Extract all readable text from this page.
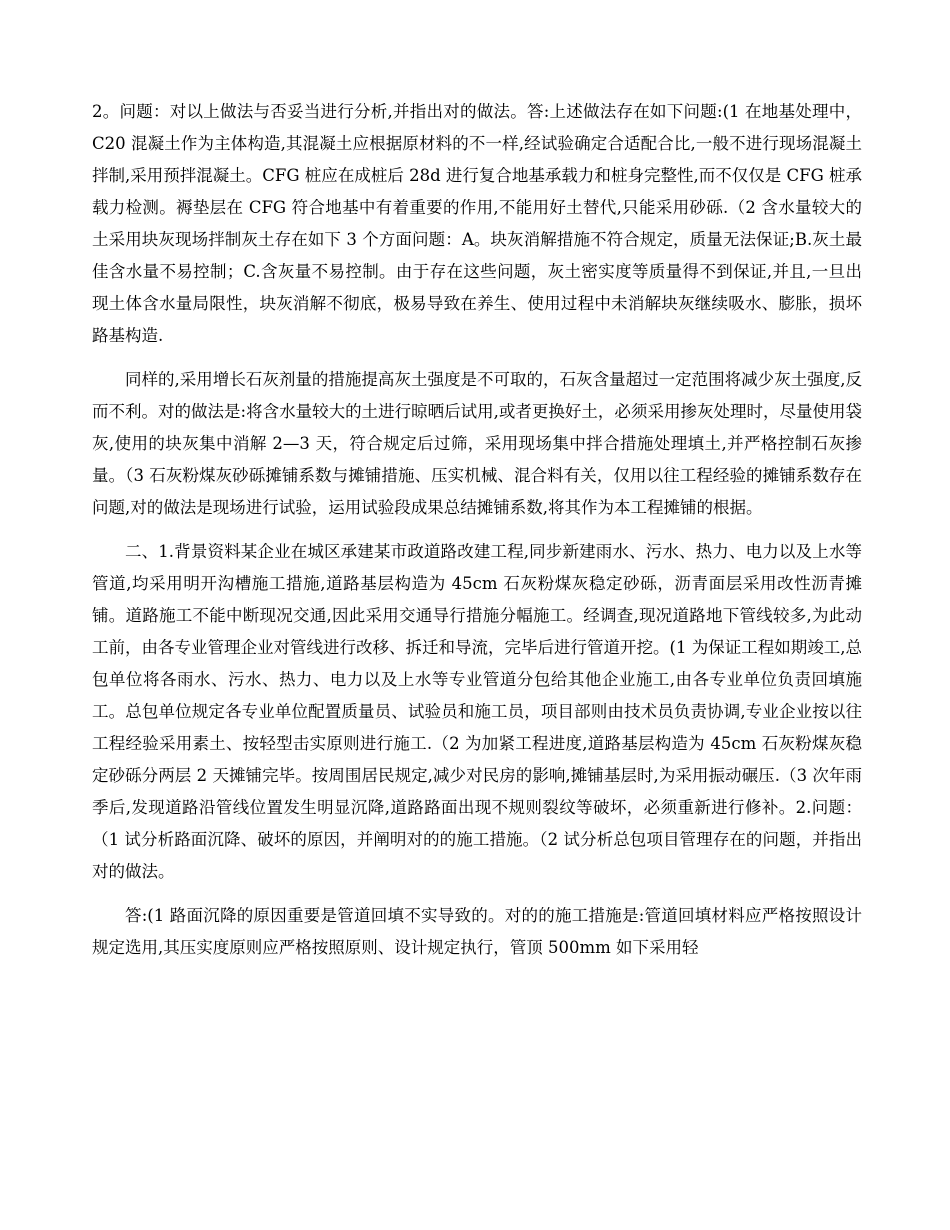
2。问题：对以上做法与否妥当进行分析,并指出对的做法。答:上述做法存在如下问题:(1 在地基处理中，C20 混凝土作为主体构造,其混凝土应根据原材料的不一样,经试验确定合适配合比,一般不进行现场混凝土拌制,采用预拌混凝土。CFG 桩应在成桩后 28d 进行复合地基承载力和桩身完整性,而不仅仅是 CFG 桩承载力检测。褥垫层在 CFG 符合地基中有着重要的作用,不能用好土替代,只能采用砂砾.（2 含水量较大的土采用块灰现场拌制灰土存在如下 3 个方面问题：A。块灰消解措施不符合规定，质量无法保证;B.灰土最佳含水量不易控制；C.含灰量不易控制。由于存在这些问题，灰土密实度等质量得不到保证,并且,一旦出现土体含水量局限性，块灰消解不彻底，极易导致在养生、使用过程中未消解块灰继续吸水、膨胀，损坏路基构造.

同样的,采用增长石灰剂量的措施提高灰土强度是不可取的，石灰含量超过一定范围将减少灰土强度,反而不利。对的做法是:将含水量较大的土进行晾晒后试用,或者更换好土，必须采用掺灰处理时，尽量使用袋灰,使用的块灰集中消解 2—3 天，符合规定后过筛，采用现场集中拌合措施处理填土,并严格控制石灰掺量。（3 石灰粉煤灰砂砾摊铺系数与摊铺措施、压实机械、混合料有关，仅用以往工程经验的摊铺系数存在问题,对的做法是现场进行试验，运用试验段成果总结摊铺系数,将其作为本工程摊铺的根据。

二、1.背景资料某企业在城区承建某市政道路改建工程,同步新建雨水、污水、热力、电力以及上水等管道,均采用明开沟槽施工措施,道路基层构造为 45cm 石灰粉煤灰稳定砂砾，沥青面层采用改性沥青摊铺。道路施工不能中断现况交通,因此采用交通导行措施分幅施工。经调查,现况道路地下管线较多,为此动工前，由各专业管理企业对管线进行改移、拆迁和导流，完毕后进行管道开挖。(1 为保证工程如期竣工,总包单位将各雨水、污水、热力、电力以及上水等专业管道分包给其他企业施工,由各专业单位负责回填施工。总包单位规定各专业单位配置质量员、试验员和施工员，项目部则由技术员负责协调,专业企业按以往工程经验采用素土、按轻型击实原则进行施工.（2 为加紧工程进度,道路基层构造为 45cm 石灰粉煤灰稳定砂砾分两层 2 天摊铺完毕。按周围居民规定,减少对民房的影响,摊铺基层时,为采用振动碾压.（3 次年雨季后,发现道路沿管线位置发生明显沉降,道路路面出现不规则裂纹等破坏，必须重新进行修补。2.问题：（1 试分析路面沉降、破坏的原因，并阐明对的的施工措施。（2 试分析总包项目管理存在的问题，并指出对的做法。

答:(1 路面沉降的原因重要是管道回填不实导致的。对的的施工措施是:管道回填材料应严格按照设计规定选用,其压实度原则应严格按照原则、设计规定执行，管顶 500mm 如下采用轻
